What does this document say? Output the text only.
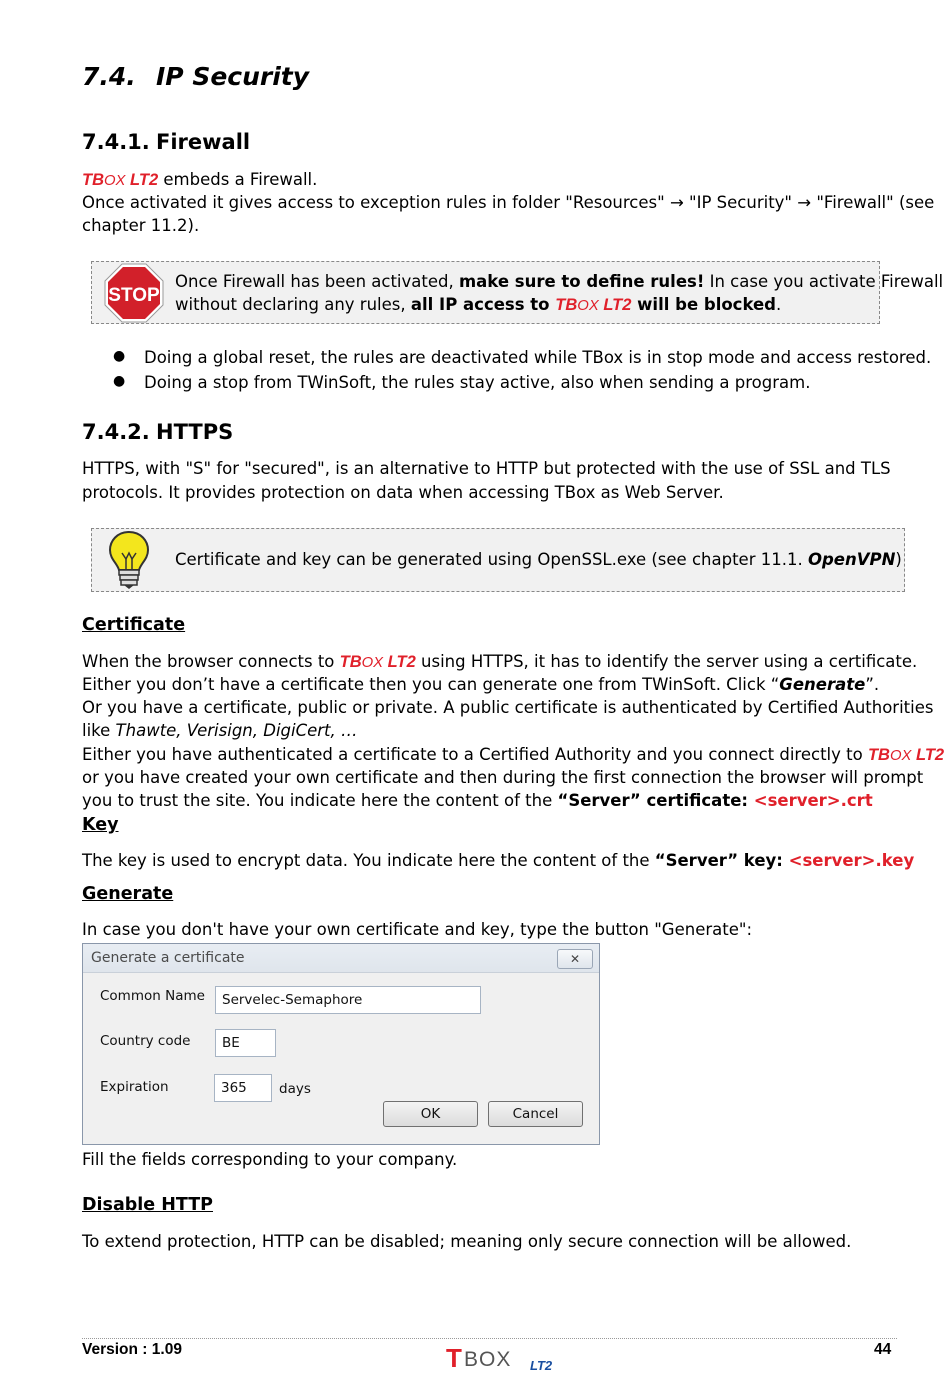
7.4. IP Security
7.4.1. Firewall
TBOX LT2 embeds a Firewall.
Once activated it gives access to exception rules in folder "Resources" → "IP Security" → "Firewall" (see
chapter 11.2).
STOP
Once Firewall has been activated, make sure to define rules! In case you activate Firewall
without declaring any rules, all IP access to TBOX LT2 will be blocked.
● Doing a global reset, the rules are deactivated while TBox is in stop mode and access restored.
● Doing a stop from TWinSoft, the rules stay active, also when sending a program.
7.4.2. HTTPS
HTTPS, with "S" for "secured", is an alternative to HTTP but protected with the use of SSL and TLS
protocols. It provides protection on data when accessing TBox as Web Server.
Certificate and key can be generated using OpenSSL.exe (see chapter 11.1. OpenVPN)
Certificate
When the browser connects to TBOX LT2 using HTTPS, it has to identify the server using a certificate.
Either you don’t have a certificate then you can generate one from TWinSoft. Click “Generate”.
Or you have a certificate, public or private. A public certificate is authenticated by Certified Authorities
like Thawte, Verisign, DigiCert, …
Either you have authenticated a certificate to a Certified Authority and you connect directly to TBOX LT2
or you have created your own certificate and then during the first connection the browser will prompt
you to trust the site. You indicate here the content of the “Server” certificate: <server>.crt
Key
The key is used to encrypt data. You indicate here the content of the “Server” key: <server>.key
Generate
In case you don't have your own certificate and key, type the button "Generate":
Generate a certificate	✕
Common Name	Servelec-Semaphore
Country code	BE
Expiration	365	days
OK	Cancel
Fill the fields corresponding to your company.
Disable HTTP
To extend protection, HTTP can be disabled; meaning only secure connection will be allowed.
Version : 1.09	44
T BOX LT2
